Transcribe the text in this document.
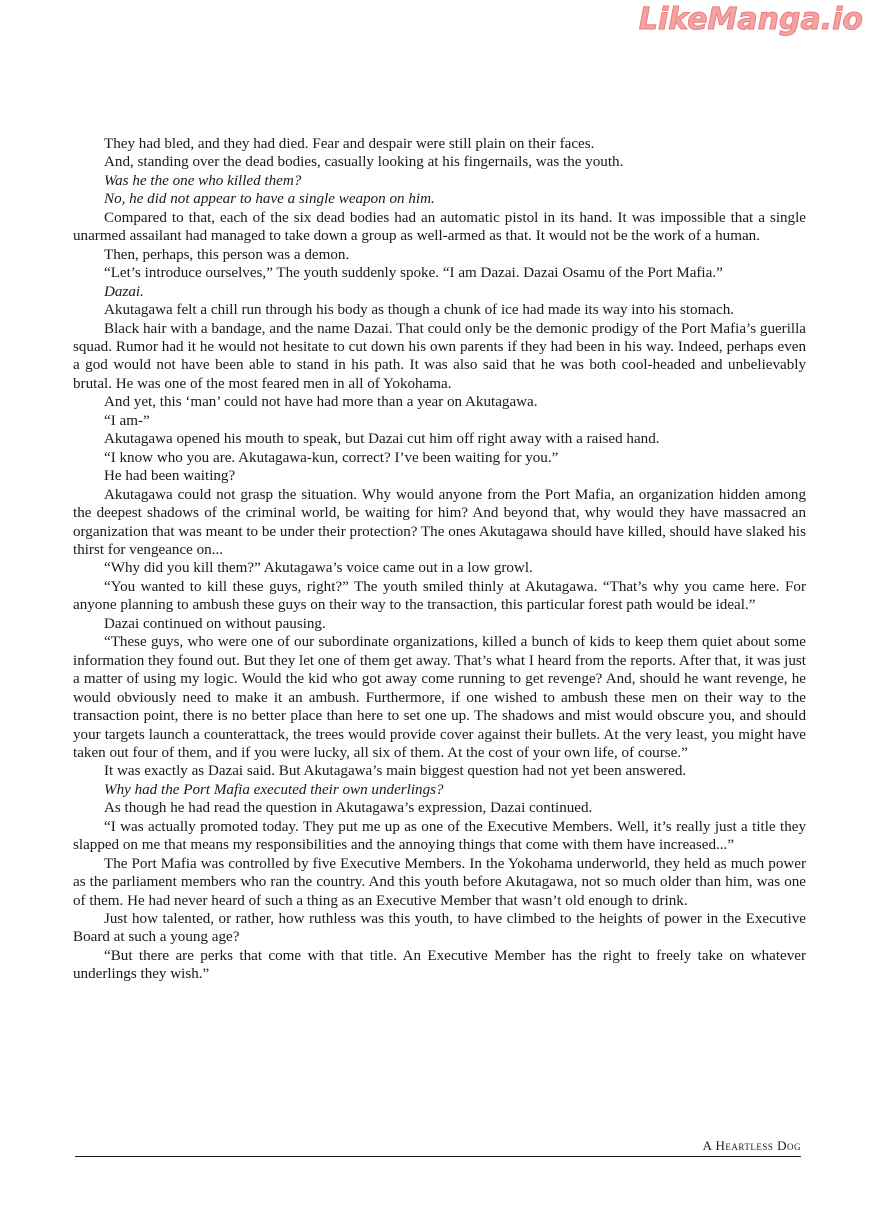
LikeManga.io

They had bled, and they had died. Fear and despair were still plain on their faces.

And, standing over the dead bodies, casually looking at his fingernails, was the youth.

Was he the one who killed them?

No, he did not appear to have a single weapon on him.

Compared to that, each of the six dead bodies had an automatic pistol in its hand. It was impossible that a single unarmed assailant had managed to take down a group as well-armed as that. It would not be the work of a human.

Then, perhaps, this person was a demon.

“Let’s introduce ourselves,” The youth suddenly spoke. “I am Dazai. Dazai Osamu of the Port Mafia.”

Dazai.

Akutagawa felt a chill run through his body as though a chunk of ice had made its way into his stomach.

Black hair with a bandage, and the name Dazai. That could only be the demonic prodigy of the Port Mafia’s guerilla squad. Rumor had it he would not hesitate to cut down his own parents if they had been in his way. Indeed, perhaps even a god would not have been able to stand in his path. It was also said that he was both cool-headed and unbelievably brutal. He was one of the most feared men in all of Yokohama.

And yet, this ‘man’ could not have had more than a year on Akutagawa.

“I am-”

Akutagawa opened his mouth to speak, but Dazai cut him off right away with a raised hand.

“I know who you are. Akutagawa-kun, correct? I’ve been waiting for you.”

He had been waiting?

Akutagawa could not grasp the situation. Why would anyone from the Port Mafia, an organization hidden among the deepest shadows of the criminal world, be waiting for him? And beyond that, why would they have massacred an organization that was meant to be under their protection? The ones Akutagawa should have killed, should have slaked his thirst for vengeance on...

“Why did you kill them?” Akutagawa’s voice came out in a low growl.

“You wanted to kill these guys, right?” The youth smiled thinly at Akutagawa. “That’s why you came here. For anyone planning to ambush these guys on their way to the transaction, this particular forest path would be ideal.”

Dazai continued on without pausing.

“These guys, who were one of our subordinate organizations, killed a bunch of kids to keep them quiet about some information they found out. But they let one of them get away. That’s what I heard from the reports. After that, it was just a matter of using my logic. Would the kid who got away come running to get revenge? And, should he want revenge, he would obviously need to make it an ambush. Furthermore, if one wished to ambush these men on their way to the transaction point, there is no better place than here to set one up. The shadows and mist would obscure you, and should your targets launch a counterattack, the trees would provide cover against their bullets. At the very least, you might have taken out four of them, and if you were lucky, all six of them. At the cost of your own life, of course.”

It was exactly as Dazai said. But Akutagawa’s main biggest question had not yet been answered.

Why had the Port Mafia executed their own underlings?

As though he had read the question in Akutagawa’s expression, Dazai continued.

“I was actually promoted today. They put me up as one of the Executive Members. Well, it’s really just a title they slapped on me that means my responsibilities and the annoying things that come with them have increased...”

The Port Mafia was controlled by five Executive Members. In the Yokohama underworld, they held as much power as the parliament members who ran the country. And this youth before Akutagawa, not so much older than him, was one of them. He had never heard of such a thing as an Executive Member that wasn’t old enough to drink.

Just how talented, or rather, how ruthless was this youth, to have climbed to the heights of power in the Executive Board at such a young age?

“But there are perks that come with that title. An Executive Member has the right to freely take on whatever underlings they wish.”

A Heartless Dog
